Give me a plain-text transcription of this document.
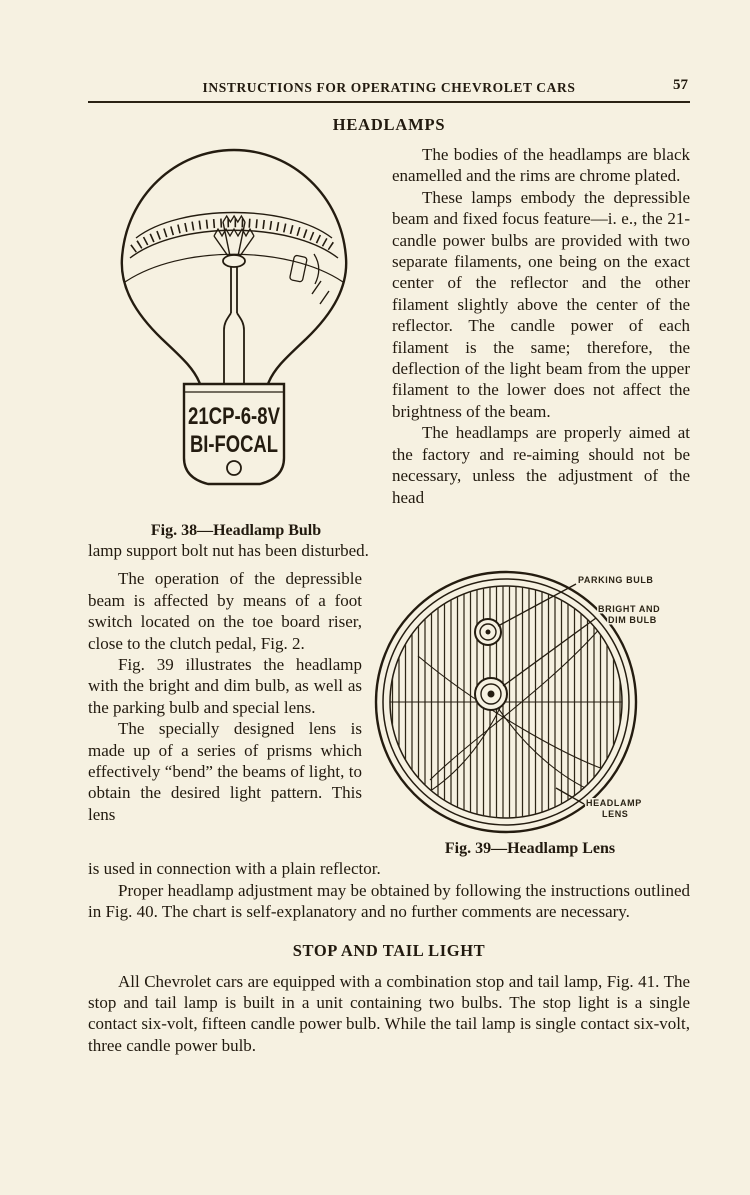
INSTRUCTIONS FOR OPERATING CHEVROLET CARS	57
HEADLAMPS
21CP-6-8V
BI-FOCAL
Fig. 38—Headlamp Bulb

The bodies of the headlamps are black enamelled and the rims are chrome plated.

These lamps embody the depressible beam and fixed focus feature—i. e., the 21-candle power bulbs are provided with two separate filaments, one being on the exact center of the reflector and the other filament slightly above the center of the reflector. The candle power of each filament is the same; therefore, the deflection of the light beam from the upper filament to the lower does not affect the brightness of the beam.

The headlamps are properly aimed at the factory and re-aiming should not be necessary, unless the adjustment of the head

lamp support bolt nut has been disturbed.

The operation of the depressible beam is affected by means of a foot switch located on the toe board riser, close to the clutch pedal, Fig. 2.

Fig. 39 illustrates the headlamp with the bright and dim bulb, as well as the parking bulb and special lens.

The specially designed lens is made up of a series of prisms which effectively “bend” the beams of light, to obtain the desired light pattern. This lens

PARKING BULB
BRIGHT AND
DIM BULB
HEADLAMP
LENS
Fig. 39—Headlamp Lens

is used in connection with a plain reflector.

Proper headlamp adjustment may be obtained by following the instructions outlined in Fig. 40. The chart is self-explanatory and no further comments are necessary.

STOP AND TAIL LIGHT

All Chevrolet cars are equipped with a combination stop and tail lamp, Fig. 41. The stop and tail lamp is built in a unit containing two bulbs. The stop light is a single contact six-volt, fifteen candle power bulb. While the tail lamp is single contact six-volt, three candle power bulb.
